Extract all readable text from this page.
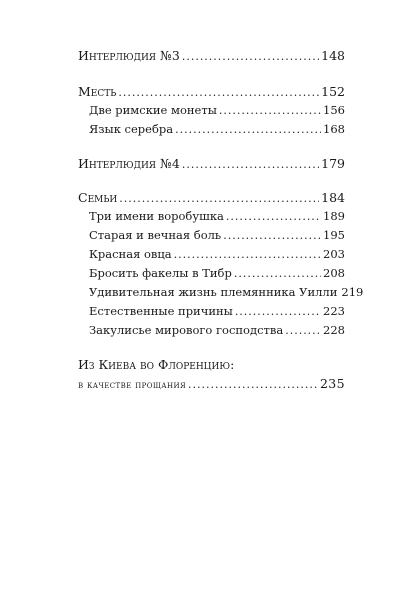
Интерлюдия №3 .....	148
Месть .....	152
Две римские монеты .....	156
Язык серебра .....	168
Интерлюдия №4 .....	179
Семьи .....	184
Три имени воробушка .....	189
Старая и вечная боль .....	195
Красная овца .....	203
Бросить факелы в Тибр .....	208
Удивительная жизнь племянника Уилли 219
Естественные причины .....	223
Закулисье мирового господства .....	228
Из Киева во Флоренцию:
в качестве прощания .....	235
